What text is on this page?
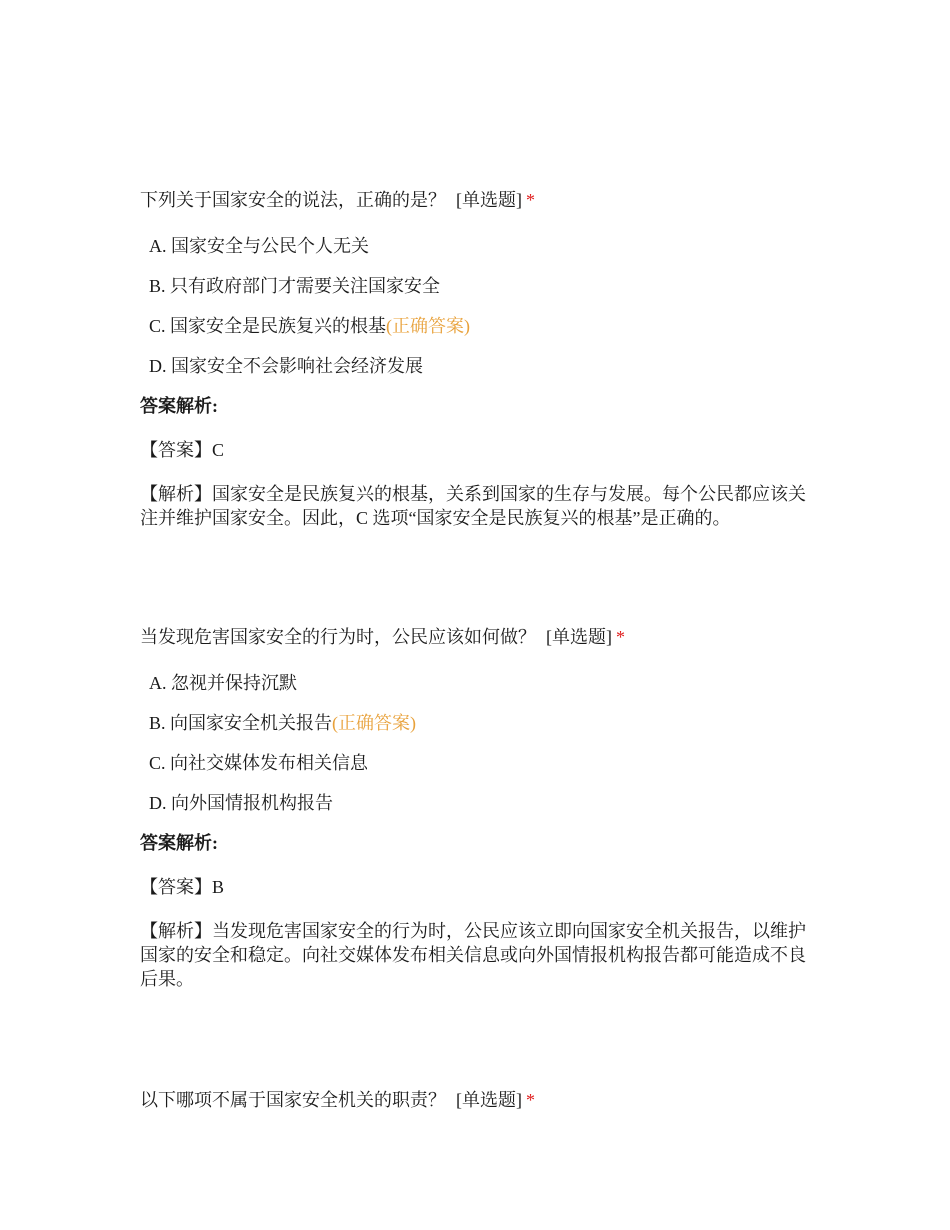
下列关于国家安全的说法，正确的是？ [单选题] *
A. 国家安全与公民个人无关
B. 只有政府部门才需要关注国家安全
C. 国家安全是民族复兴的根基(正确答案)
D. 国家安全不会影响社会经济发展
答案解析:
【答案】C
【解析】国家安全是民族复兴的根基，关系到国家的生存与发展。每个公民都应该关注并维护国家安全。因此，C 选项“国家安全是民族复兴的根基”是正确的。
当发现危害国家安全的行为时，公民应该如何做？ [单选题] *
A. 忽视并保持沉默
B. 向国家安全机关报告(正确答案)
C. 向社交媒体发布相关信息
D. 向外国情报机构报告
答案解析:
【答案】B
【解析】当发现危害国家安全的行为时，公民应该立即向国家安全机关报告，以维护国家的安全和稳定。向社交媒体发布相关信息或向外国情报机构报告都可能造成不良后果。
以下哪项不属于国家安全机关的职责？ [单选题] *
